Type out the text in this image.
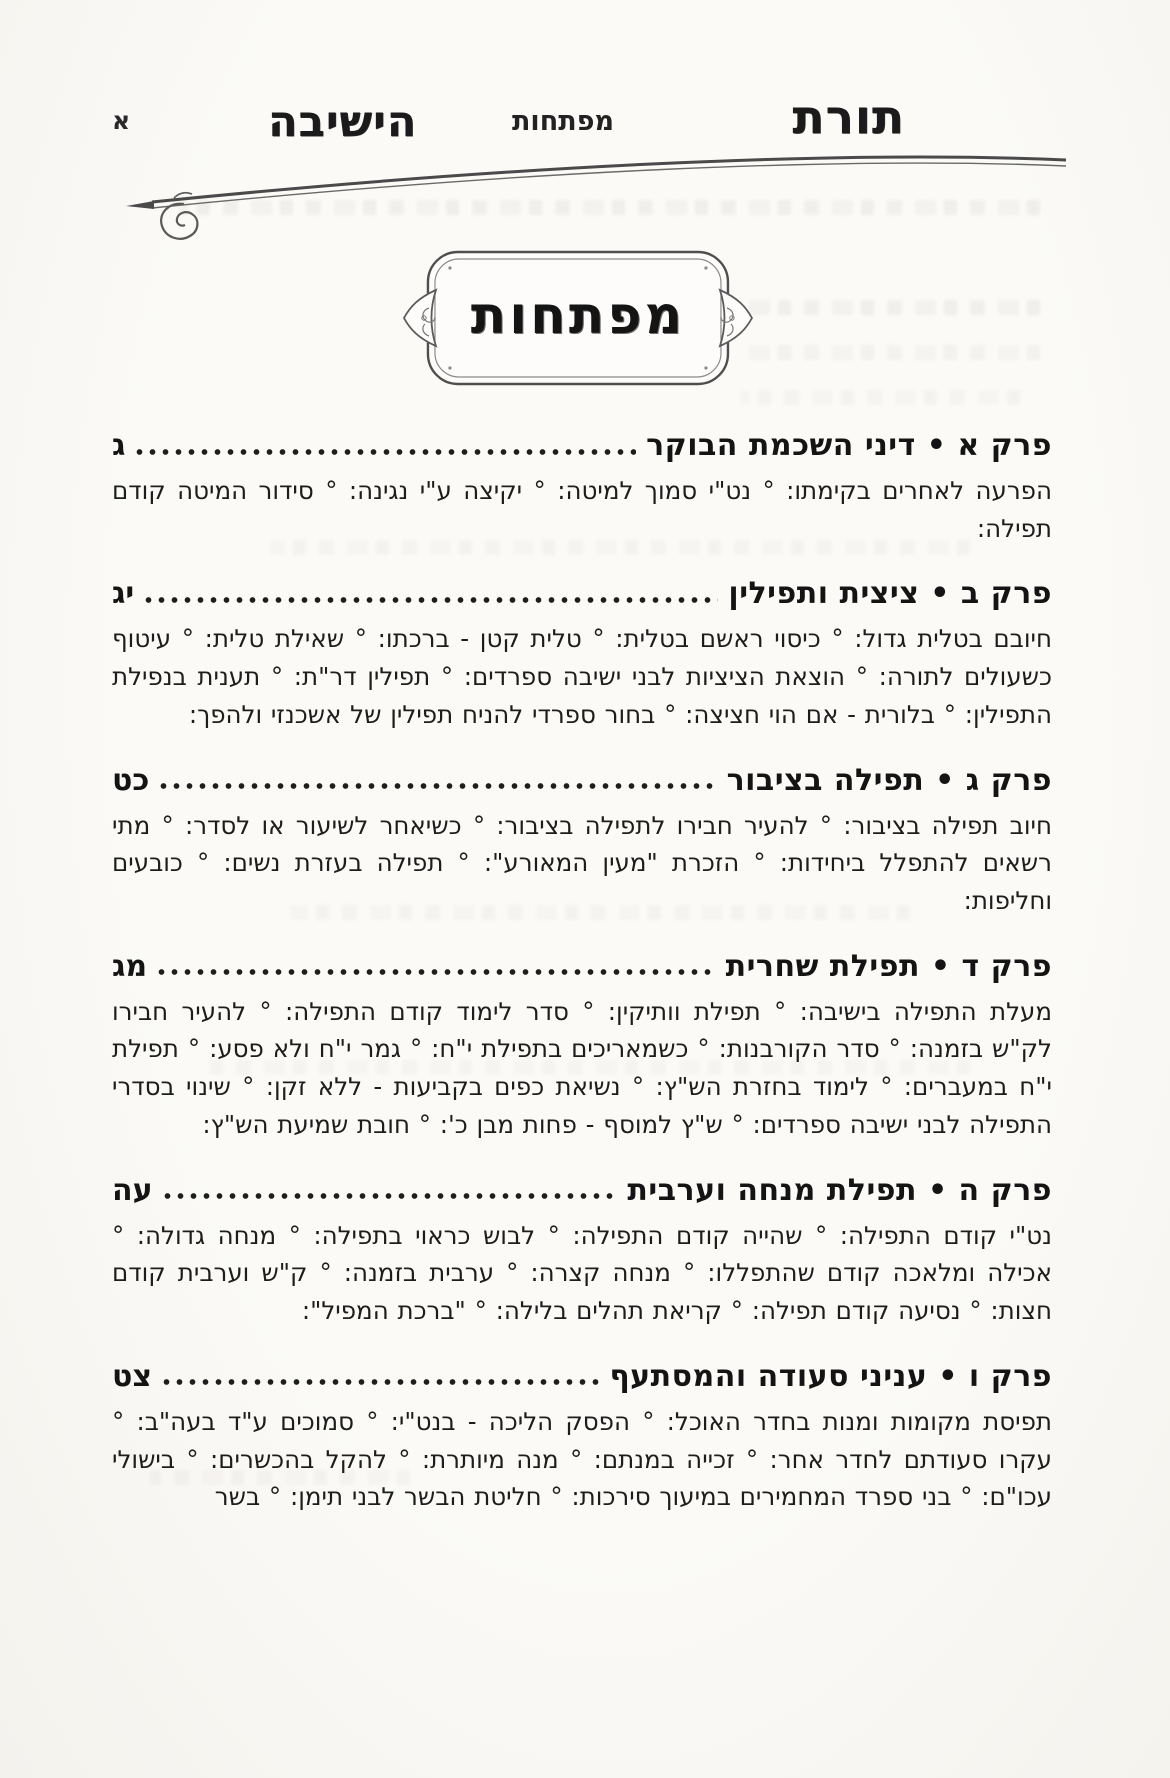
תורת
מפתחות
הישיבה
א
מפתחות
פרק א • דיני השכמת הבוקר
ג

הפרעה לאחרים בקימתו: ° נט"י סמוך למיטה: ° יקיצה ע"י נגינה: ° סידור המיטה קודם תפילה:

פרק ב • ציצית ותפילין
יג

חיובם בטלית גדול: ° כיסוי ראשם בטלית: ° טלית קטן - ברכתו: ° שאילת טלית: ° עיטוף כשעולים לתורה: ° הוצאת הציציות לבני ישיבה ספרדים: ° תפילין דר"ת: ° תענית בנפילת התפילין: ° בלורית - אם הוי חציצה: ° בחור ספרדי להניח תפילין של אשכנזי ולהפך:

פרק ג • תפילה בציבור
כט

חיוב תפילה בציבור: ° להעיר חבירו לתפילה בציבור: ° כשיאחר לשיעור או לסדר: ° מתי רשאים להתפלל ביחידות: ° הזכרת "מעין המאורע": ° תפילה בעזרת נשים: ° כובעים וחליפות:

פרק ד • תפילת שחרית
מג

מעלת התפילה בישיבה: ° תפילת וותיקין: ° סדר לימוד קודם התפילה: ° להעיר חבירו לק"ש בזמנה: ° סדר הקורבנות: ° כשמאריכים בתפילת י"ח: ° גמר י"ח ולא פסע: ° תפילת י"ח במעברים: ° לימוד בחזרת הש"ץ: ° נשיאת כפים בקביעות - ללא זקן: ° שינוי בסדרי התפילה לבני ישיבה ספרדים: ° ש"ץ למוסף - פחות מבן כ': ° חובת שמיעת הש"ץ:

פרק ה • תפילת מנחה וערבית
עה

נט"י קודם התפילה: ° שהייה קודם התפילה: ° לבוש כראוי בתפילה: ° מנחה גדולה: ° אכילה ומלאכה קודם שהתפללו: ° מנחה קצרה: ° ערבית בזמנה: ° ק"ש וערבית קודם חצות: ° נסיעה קודם תפילה: ° קריאת תהלים בלילה: ° "ברכת המפיל":

פרק ו • עניני סעודה והמסתעף
צט

תפיסת מקומות ומנות בחדר האוכל: ° הפסק הליכה - בנט"י: ° סמוכים ע"ד בעה"ב: ° עקרו סעודתם לחדר אחר: ° זכייה במנתם: ° מנה מיותרת: ° להקל בהכשרים: ° בישולי עכו"ם: ° בני ספרד המחמירים במיעוך סירכות: ° חליטת הבשר לבני תימן: ° בשר
